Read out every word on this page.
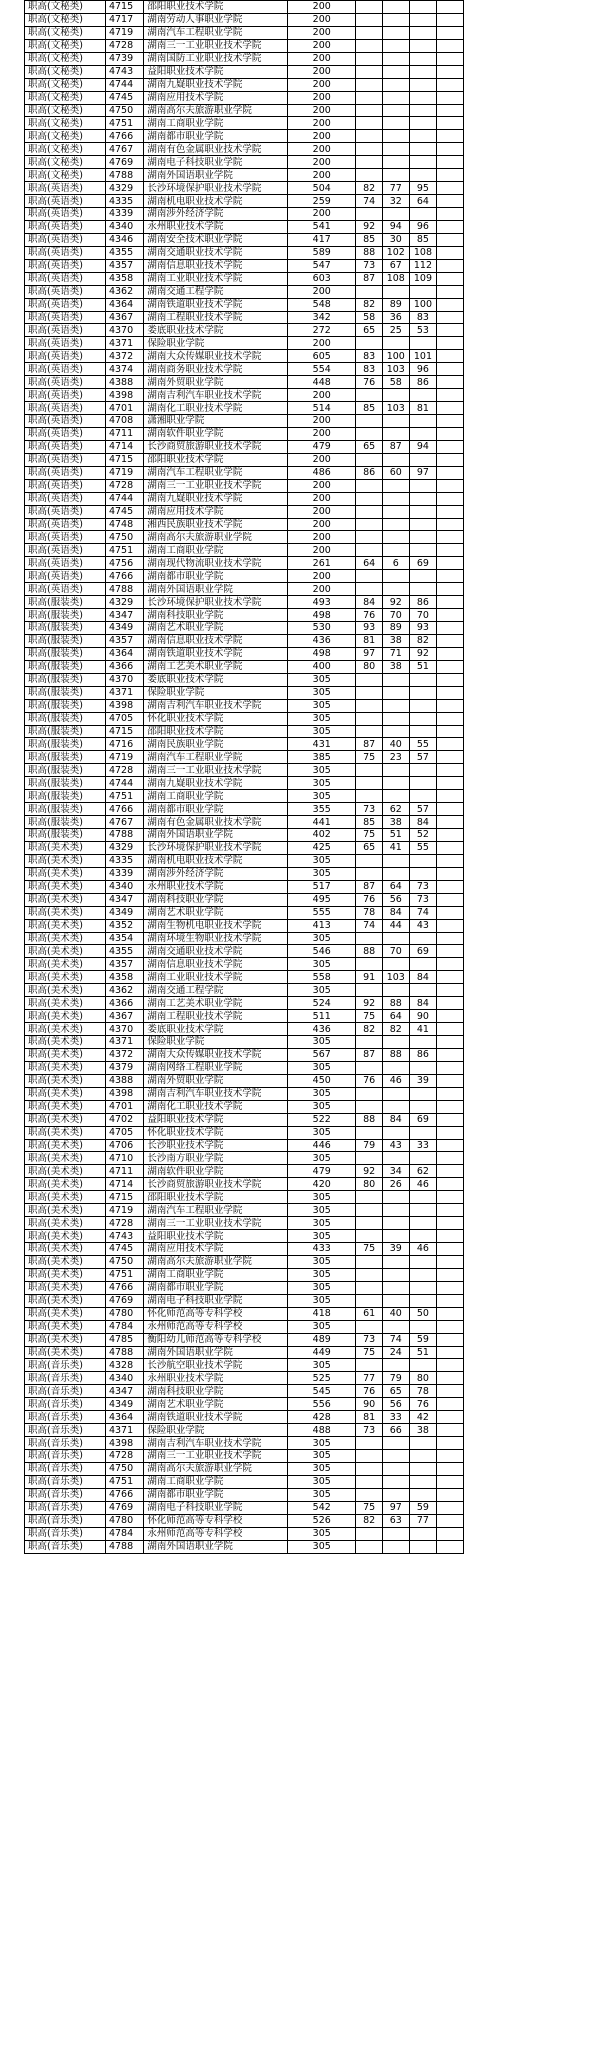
职高(文秘类)	4715	邵阳职业技术学院	200				
职高(文秘类)	4717	湖南劳动人事职业学院	200				
职高(文秘类)	4719	湖南汽车工程职业学院	200				
职高(文秘类)	4728	湖南三一工业职业技术学院	200				
职高(文秘类)	4739	湖南国防工业职业技术学院	200				
职高(文秘类)	4743	益阳职业技术学院	200				
职高(文秘类)	4744	湖南九嶷职业技术学院	200				
职高(文秘类)	4745	湖南应用技术学院	200				
职高(文秘类)	4750	湖南高尔夫旅游职业学院	200				
职高(文秘类)	4751	湖南工商职业学院	200				
职高(文秘类)	4766	湖南都市职业学院	200				
职高(文秘类)	4767	湖南有色金属职业技术学院	200				
职高(文秘类)	4769	湖南电子科技职业学院	200				
职高(文秘类)	4788	湖南外国语职业学院	200				
职高(英语类)	4329	长沙环境保护职业技术学院	504	82	77	95	
职高(英语类)	4335	湖南机电职业技术学院	259	74	32	64	
职高(英语类)	4339	湖南涉外经济学院	200				
职高(英语类)	4340	永州职业技术学院	541	92	94	96	
职高(英语类)	4346	湖南安全技术职业学院	417	85	30	85	
职高(英语类)	4355	湖南交通职业技术学院	589	88	102	108	
职高(英语类)	4357	湖南信息职业技术学院	547	73	67	112	
职高(英语类)	4358	湖南工业职业技术学院	603	87	108	109	
职高(英语类)	4362	湖南交通工程学院	200				
职高(英语类)	4364	湖南铁道职业技术学院	548	82	89	100	
职高(英语类)	4367	湖南工程职业技术学院	342	58	36	83	
职高(英语类)	4370	娄底职业技术学院	272	65	25	53	
职高(英语类)	4371	保险职业学院	200				
职高(英语类)	4372	湖南大众传媒职业技术学院	605	83	100	101	
职高(英语类)	4374	湖南商务职业技术学院	554	83	103	96	
职高(英语类)	4388	湖南外贸职业学院	448	76	58	86	
职高(英语类)	4398	湖南吉利汽车职业技术学院	200				
职高(英语类)	4701	湖南化工职业技术学院	514	85	103	81	
职高(英语类)	4708	潇湘职业学院	200				
职高(英语类)	4711	湖南软件职业学院	200				
职高(英语类)	4714	长沙商贸旅游职业技术学院	479	65	87	94	
职高(英语类)	4715	邵阳职业技术学院	200				
职高(英语类)	4719	湖南汽车工程职业学院	486	86	60	97	
职高(英语类)	4728	湖南三一工业职业技术学院	200				
职高(英语类)	4744	湖南九嶷职业技术学院	200				
职高(英语类)	4745	湖南应用技术学院	200				
职高(英语类)	4748	湘西民族职业技术学院	200				
职高(英语类)	4750	湖南高尔夫旅游职业学院	200				
职高(英语类)	4751	湖南工商职业学院	200				
职高(英语类)	4756	湖南现代物流职业技术学院	261	64	6	69	
职高(英语类)	4766	湖南都市职业学院	200				
职高(英语类)	4788	湖南外国语职业学院	200				
职高(服装类)	4329	长沙环境保护职业技术学院	493	84	92	86	
职高(服装类)	4347	湖南科技职业学院	498	76	70	70	
职高(服装类)	4349	湖南艺术职业学院	530	93	89	93	
职高(服装类)	4357	湖南信息职业技术学院	436	81	38	82	
职高(服装类)	4364	湖南铁道职业技术学院	498	97	71	92	
职高(服装类)	4366	湖南工艺美术职业学院	400	80	38	51	
职高(服装类)	4370	娄底职业技术学院	305				
职高(服装类)	4371	保险职业学院	305				
职高(服装类)	4398	湖南吉利汽车职业技术学院	305				
职高(服装类)	4705	怀化职业技术学院	305				
职高(服装类)	4715	邵阳职业技术学院	305				
职高(服装类)	4716	湖南民族职业学院	431	87	40	55	
职高(服装类)	4719	湖南汽车工程职业学院	385	75	23	57	
职高(服装类)	4728	湖南三一工业职业技术学院	305				
职高(服装类)	4744	湖南九嶷职业技术学院	305				
职高(服装类)	4751	湖南工商职业学院	305				
职高(服装类)	4766	湖南都市职业学院	355	73	62	57	
职高(服装类)	4767	湖南有色金属职业技术学院	441	85	38	84	
职高(服装类)	4788	湖南外国语职业学院	402	75	51	52	
职高(美术类)	4329	长沙环境保护职业技术学院	425	65	41	55	
职高(美术类)	4335	湖南机电职业技术学院	305				
职高(美术类)	4339	湖南涉外经济学院	305				
职高(美术类)	4340	永州职业技术学院	517	87	64	73	
职高(美术类)	4347	湖南科技职业学院	495	76	56	73	
职高(美术类)	4349	湖南艺术职业学院	555	78	84	74	
职高(美术类)	4352	湖南生物机电职业技术学院	413	74	44	43	
职高(美术类)	4354	湖南环境生物职业技术学院	305				
职高(美术类)	4355	湖南交通职业技术学院	546	88	70	69	
职高(美术类)	4357	湖南信息职业技术学院	305				
职高(美术类)	4358	湖南工业职业技术学院	558	91	103	84	
职高(美术类)	4362	湖南交通工程学院	305				
职高(美术类)	4366	湖南工艺美术职业学院	524	92	88	84	
职高(美术类)	4367	湖南工程职业技术学院	511	75	64	90	
职高(美术类)	4370	娄底职业技术学院	436	82	82	41	
职高(美术类)	4371	保险职业学院	305				
职高(美术类)	4372	湖南大众传媒职业技术学院	567	87	88	86	
职高(美术类)	4379	湖南网络工程职业学院	305				
职高(美术类)	4388	湖南外贸职业学院	450	76	46	39	
职高(美术类)	4398	湖南吉利汽车职业技术学院	305				
职高(美术类)	4701	湖南化工职业技术学院	305				
职高(美术类)	4702	益阳职业技术学院	522	88	84	69	
职高(美术类)	4705	怀化职业技术学院	305				
职高(美术类)	4706	长沙职业技术学院	446	79	43	33	
职高(美术类)	4710	长沙南方职业学院	305				
职高(美术类)	4711	湖南软件职业学院	479	92	34	62	
职高(美术类)	4714	长沙商贸旅游职业技术学院	420	80	26	46	
职高(美术类)	4715	邵阳职业技术学院	305				
职高(美术类)	4719	湖南汽车工程职业学院	305				
职高(美术类)	4728	湖南三一工业职业技术学院	305				
职高(美术类)	4743	益阳职业技术学院	305				
职高(美术类)	4745	湖南应用技术学院	433	75	39	46	
职高(美术类)	4750	湖南高尔夫旅游职业学院	305				
职高(美术类)	4751	湖南工商职业学院	305				
职高(美术类)	4766	湖南都市职业学院	305				
职高(美术类)	4769	湖南电子科技职业学院	305				
职高(美术类)	4780	怀化师范高等专科学校	418	61	40	50	
职高(美术类)	4784	永州师范高等专科学校	305				
职高(美术类)	4785	衡阳幼儿师范高等专科学校	489	73	74	59	
职高(美术类)	4788	湖南外国语职业学院	449	75	24	51	
职高(音乐类)	4328	长沙航空职业技术学院	305				
职高(音乐类)	4340	永州职业技术学院	525	77	79	80	
职高(音乐类)	4347	湖南科技职业学院	545	76	65	78	
职高(音乐类)	4349	湖南艺术职业学院	556	90	56	76	
职高(音乐类)	4364	湖南铁道职业技术学院	428	81	33	42	
职高(音乐类)	4371	保险职业学院	488	73	66	38	
职高(音乐类)	4398	湖南吉利汽车职业技术学院	305				
职高(音乐类)	4728	湖南三一工业职业技术学院	305				
职高(音乐类)	4750	湖南高尔夫旅游职业学院	305				
职高(音乐类)	4751	湖南工商职业学院	305				
职高(音乐类)	4766	湖南都市职业学院	305				
职高(音乐类)	4769	湖南电子科技职业学院	542	75	97	59	
职高(音乐类)	4780	怀化师范高等专科学校	526	82	63	77	
职高(音乐类)	4784	永州师范高等专科学校	305				
职高(音乐类)	4788	湖南外国语职业学院	305				
